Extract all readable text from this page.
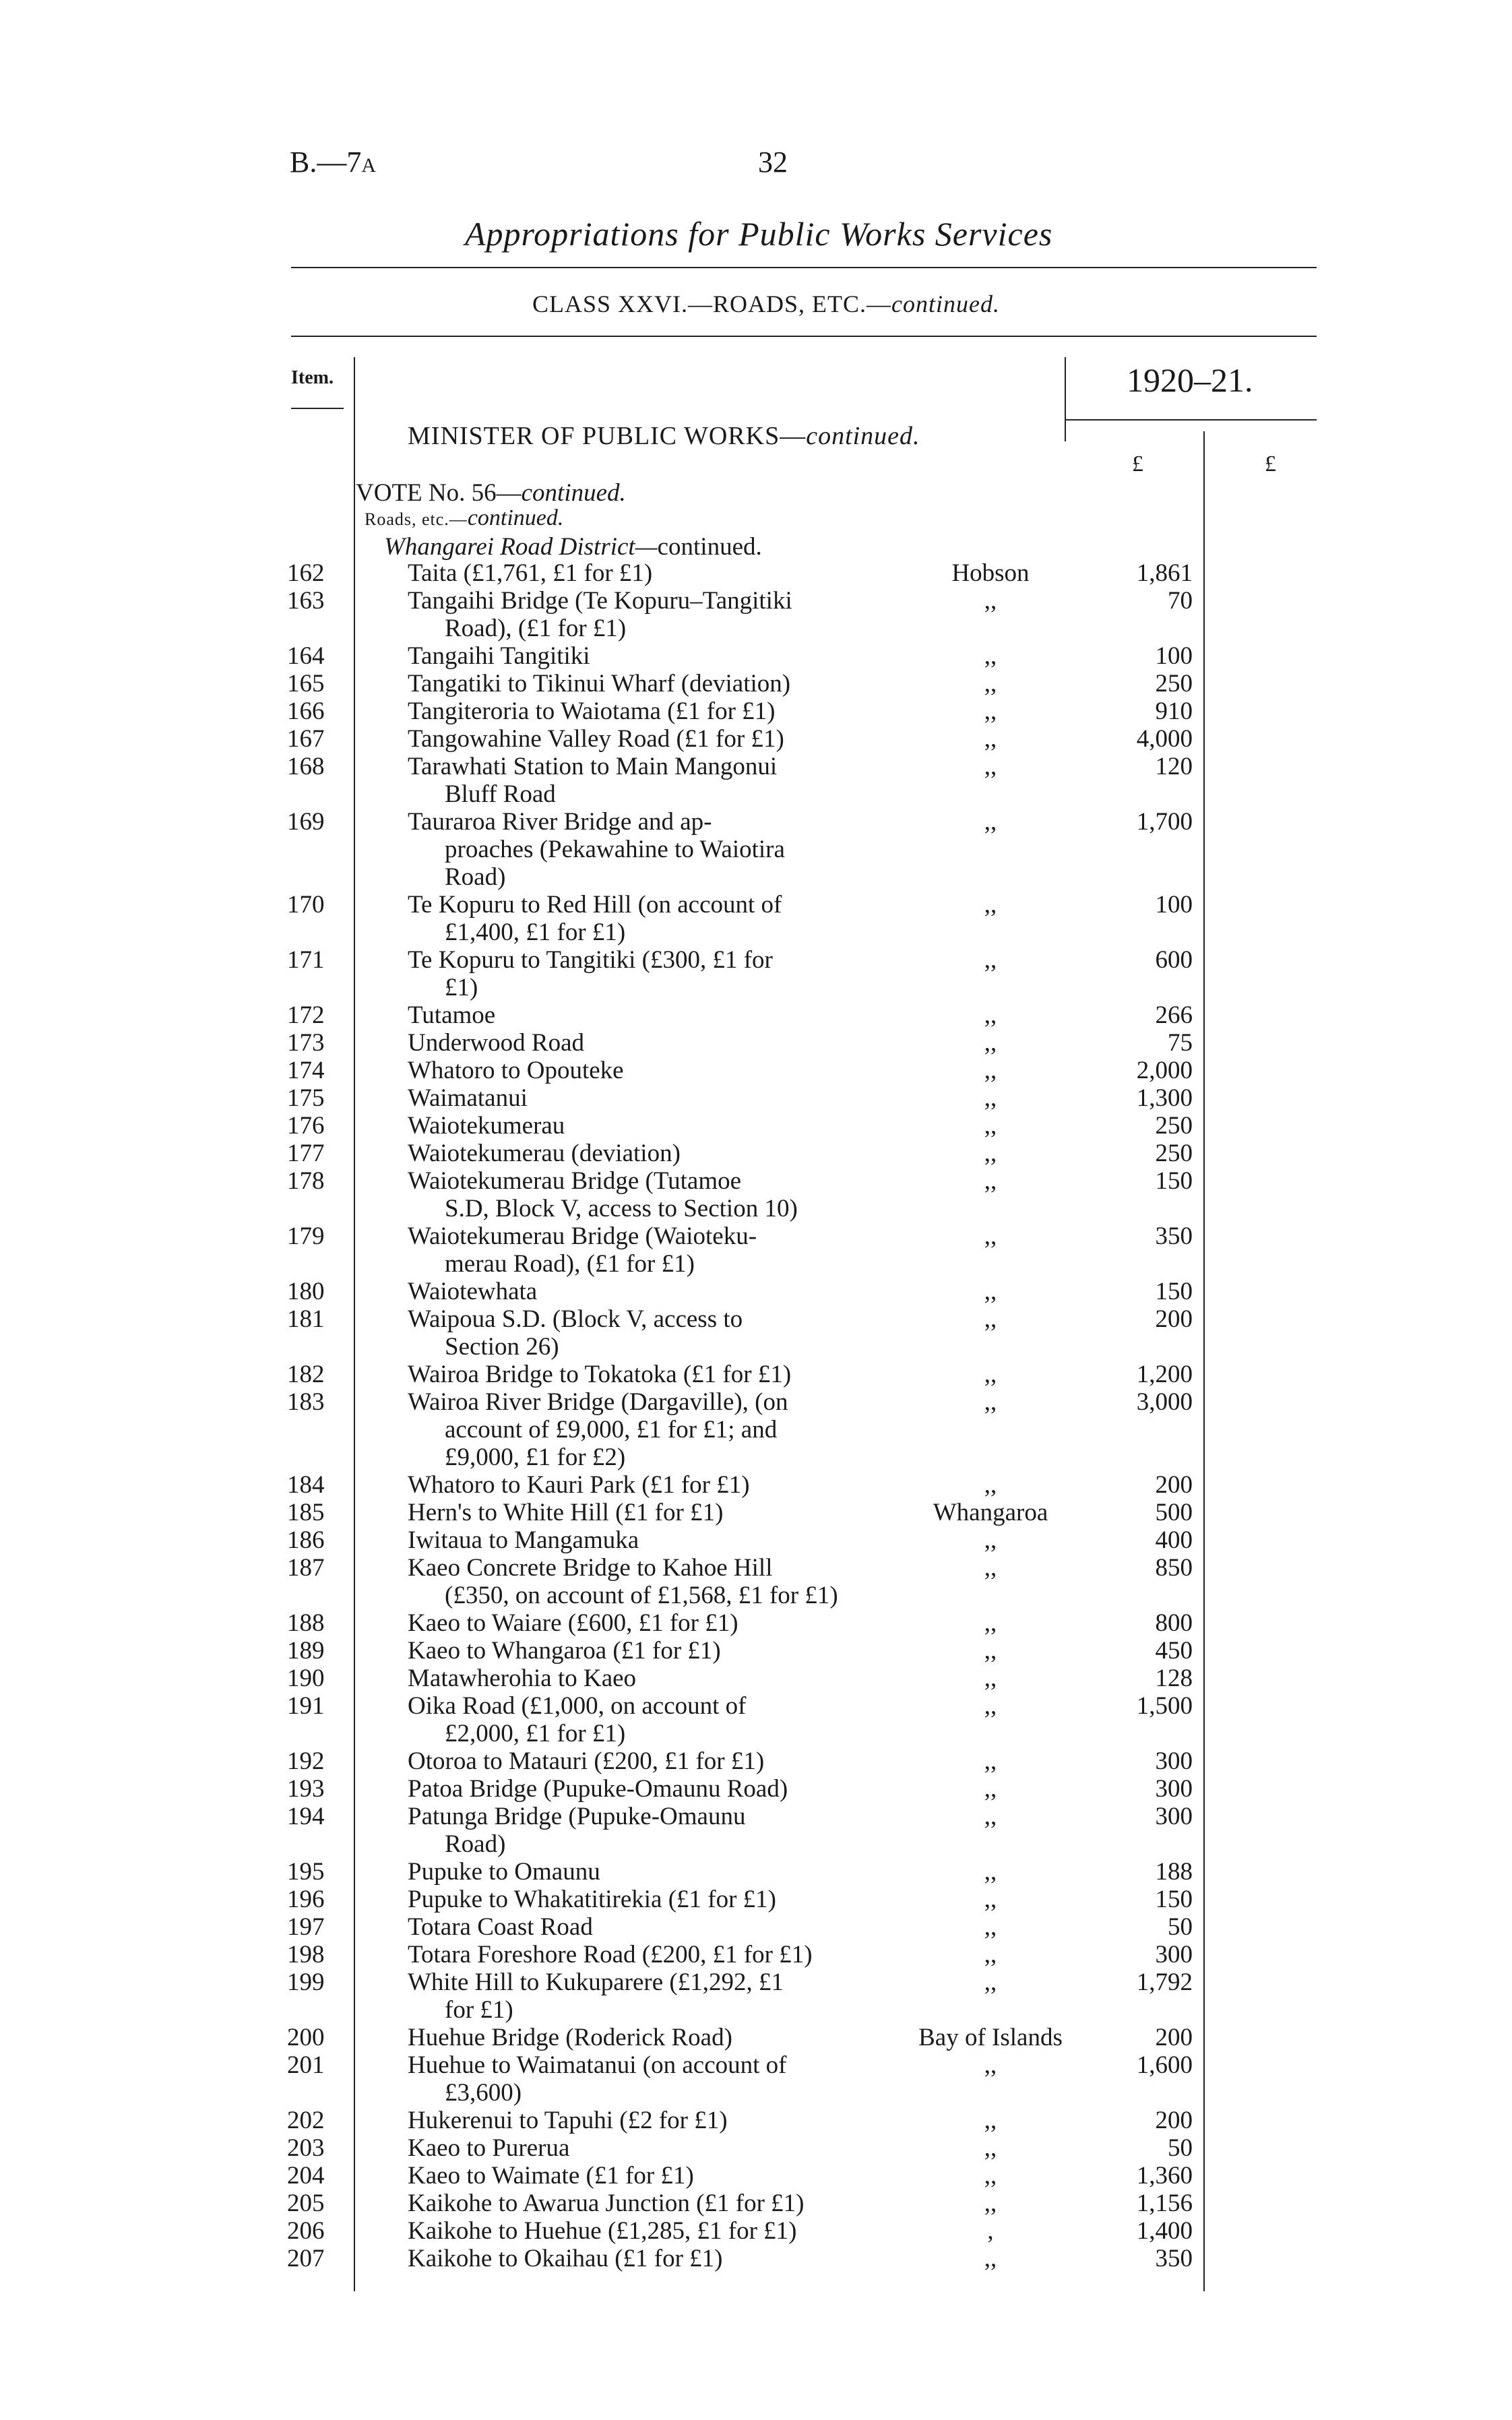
B.—7A	32
Appropriations for Public Works Services
CLASS XXVI.—ROADS, ETC.—continued.
Item.	1920–21.
MINISTER OF PUBLIC WORKS—continued.
£	£
VOTE No. 56—continued.
Roads, etc.—continued.
Whangarei Road District—continued.
162	Taita (£1,761, £1 for £1)	Hobson	1,861
163	Tangaihi Bridge (Te Kopuru–Tangitiki	,,	70
Road), (£1 for £1)
164	Tangaihi Tangitiki	,,	100
165	Tangatiki to Tikinui Wharf (deviation)	,,	250
166	Tangiteroria to Waiotama (£1 for £1)	,,	910
167	Tangowahine Valley Road (£1 for £1)	,,	4,000
168	Tarawhati Station to Main Mangonui	,,	120
Bluff Road
169	Tauraroa River Bridge and ap-	,,	1,700
proaches (Pekawahine to Waiotira
Road)
170	Te Kopuru to Red Hill (on account of	,,	100
£1,400, £1 for £1)
171	Te Kopuru to Tangitiki (£300, £1 for	,,	600
£1)
172	Tutamoe	,,	266
173	Underwood Road	,,	75
174	Whatoro to Opouteke	,,	2,000
175	Waimatanui	,,	1,300
176	Waiotekumerau	,,	250
177	Waiotekumerau (deviation)	,,	250
178	Waiotekumerau Bridge (Tutamoe	,,	150
S.D, Block V, access to Section 10)
179	Waiotekumerau Bridge (Waioteku-	,,	350
merau Road), (£1 for £1)
180	Waiotewhata	,,	150
181	Waipoua S.D. (Block V, access to	,,	200
Section 26)
182	Wairoa Bridge to Tokatoka (£1 for £1)	,,	1,200
183	Wairoa River Bridge (Dargaville), (on	,,	3,000
account of £9,000, £1 for £1; and
£9,000, £1 for £2)
184	Whatoro to Kauri Park (£1 for £1)	,,	200
185	Hern's to White Hill (£1 for £1)	Whangaroa	500
186	Iwitaua to Mangamuka	,,	400
187	Kaeo Concrete Bridge to Kahoe Hill	,,	850
(£350, on account of £1,568, £1 for £1)
188	Kaeo to Waiare (£600, £1 for £1)	,,	800
189	Kaeo to Whangaroa (£1 for £1)	,,	450
190	Matawherohia to Kaeo	,,	128
191	Oika Road (£1,000, on account of	,,	1,500
£2,000, £1 for £1)
192	Otoroa to Matauri (£200, £1 for £1)	,,	300
193	Patoa Bridge (Pupuke-Omaunu Road)	,,	300
194	Patunga Bridge (Pupuke-Omaunu	,,	300
Road)
195	Pupuke to Omaunu	,,	188
196	Pupuke to Whakatitirekia (£1 for £1)	,,	150
197	Totara Coast Road	,,	50
198	Totara Foreshore Road (£200, £1 for £1)	,,	300
199	White Hill to Kukuparere (£1,292, £1	,,	1,792
for £1)
200	Huehue Bridge (Roderick Road)	Bay of Islands	200
201	Huehue to Waimatanui (on account of	,,	1,600
£3,600)
202	Hukerenui to Tapuhi (£2 for £1)	,,	200
203	Kaeo to Purerua	,,	50
204	Kaeo to Waimate (£1 for £1)	,,	1,360
205	Kaikohe to Awarua Junction (£1 for £1)	,,	1,156
206	Kaikohe to Huehue (£1,285, £1 for £1)	,	1,400
207	Kaikohe to Okaihau (£1 for £1)	,,	350
